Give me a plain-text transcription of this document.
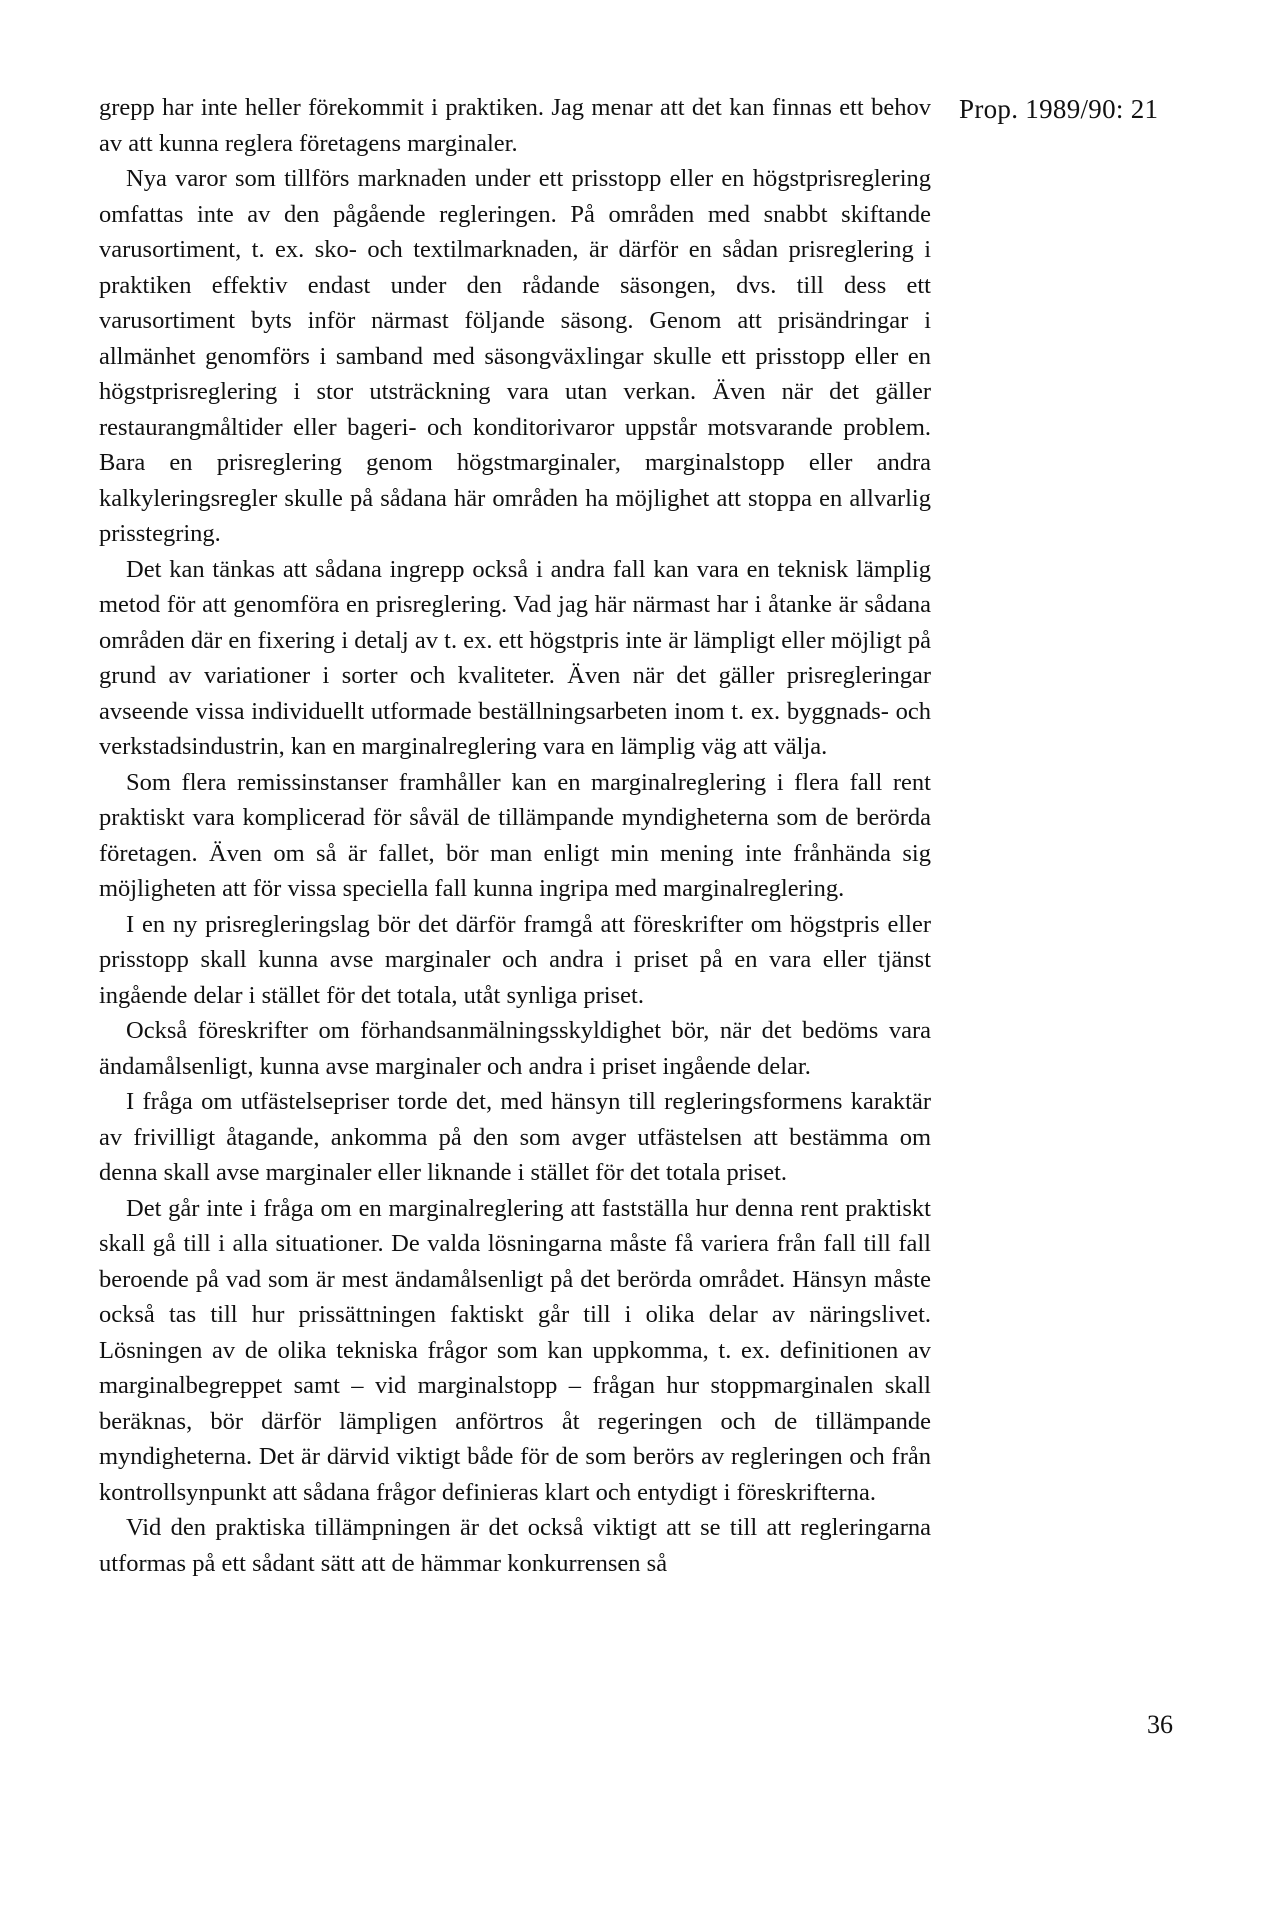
Prop. 1989/90: 21

grepp har inte heller förekommit i praktiken. Jag menar att det kan finnas ett behov av att kunna reglera företagens marginaler.

Nya varor som tillförs marknaden under ett prisstopp eller en högstprisreglering omfattas inte av den pågående regleringen. På områden med snabbt skiftande varusortiment, t. ex. sko- och textilmarknaden, är därför en sådan prisreglering i praktiken effektiv endast under den rådande säsongen, dvs. till dess ett varusortiment byts inför närmast följande säsong. Genom att prisändringar i allmänhet genomförs i samband med säsongväxlingar skulle ett prisstopp eller en högstprisreglering i stor utsträckning vara utan verkan. Även när det gäller restaurangmåltider eller bageri- och konditorivaror uppstår motsvarande problem. Bara en prisreglering genom högstmarginaler, marginalstopp eller andra kalkyleringsregler skulle på sådana här områden ha möjlighet att stoppa en allvarlig prisstegring.

Det kan tänkas att sådana ingrepp också i andra fall kan vara en teknisk lämplig metod för att genomföra en prisreglering. Vad jag här närmast har i åtanke är sådana områden där en fixering i detalj av t. ex. ett högstpris inte är lämpligt eller möjligt på grund av variationer i sorter och kvaliteter. Även när det gäller prisregleringar avseende vissa individuellt utformade beställningsarbeten inom t. ex. byggnads- och verkstadsindustrin, kan en marginalreglering vara en lämplig väg att välja.

Som flera remissinstanser framhåller kan en marginalreglering i flera fall rent praktiskt vara komplicerad för såväl de tillämpande myndigheterna som de berörda företagen. Även om så är fallet, bör man enligt min mening inte frånhända sig möjligheten att för vissa speciella fall kunna ingripa med marginalreglering.

I en ny prisregleringslag bör det därför framgå att föreskrifter om högstpris eller prisstopp skall kunna avse marginaler och andra i priset på en vara eller tjänst ingående delar i stället för det totala, utåt synliga priset.

Också föreskrifter om förhandsanmälningsskyldighet bör, när det bedöms vara ändamålsenligt, kunna avse marginaler och andra i priset ingående delar.

I fråga om utfästelsepriser torde det, med hänsyn till regleringsformens karaktär av frivilligt åtagande, ankomma på den som avger utfästelsen att bestämma om denna skall avse marginaler eller liknande i stället för det totala priset.

Det går inte i fråga om en marginalreglering att fastställa hur denna rent praktiskt skall gå till i alla situationer. De valda lösningarna måste få variera från fall till fall beroende på vad som är mest ändamålsenligt på det berörda området. Hänsyn måste också tas till hur prissättningen faktiskt går till i olika delar av näringslivet. Lösningen av de olika tekniska frågor som kan uppkomma, t. ex. definitionen av marginalbegreppet samt – vid marginalstopp – frågan hur stoppmarginalen skall beräknas, bör därför lämpligen anförtros åt regeringen och de tillämpande myndigheterna. Det är därvid viktigt både för de som berörs av regleringen och från kontrollsynpunkt att sådana frågor definieras klart och entydigt i föreskrifterna.

Vid den praktiska tillämpningen är det också viktigt att se till att regleringarna utformas på ett sådant sätt att de hämmar konkurrensen så

36
